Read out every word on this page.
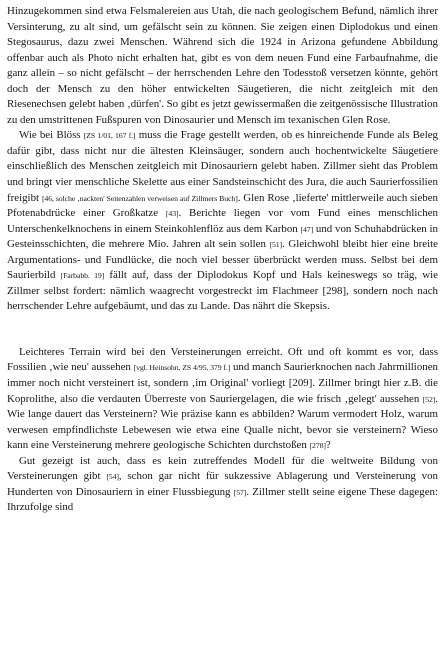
Hinzugekommen sind etwa Felsmalereien aus Utah, die nach geologischem Befund, nämlich ihrer Versinterung, zu alt sind, um gefälscht sein zu können. Sie zeigen einen Diplodokus und einen Stegosaurus, dazu zwei Menschen. Während sich die 1924 in Arizona gefundene Abbildung offenbar auch als Photo nicht erhalten hat, gibt es von dem neuen Fund eine Farbaufnahme, die ganz allein – so nicht gefälscht – der herrschenden Lehre den Todesstoß versetzen könnte, gehört doch der Mensch zu den höher entwickelten Säugetieren, die nicht zeitgleich mit den Riesenechsen gelebt haben ‚dürfen'. So gibt es jetzt gewissermaßen die zeitgenössische Illustration zu den umstrittenen Fußspuren von Dinosaurier und Mensch im texanischen Glen Rose.

Wie bei Blöss [ZS 1/01, 167 f.] muss die Frage gestellt werden, ob es hinreichende Funde als Beleg dafür gibt, dass nicht nur die ältesten Kleinsäuger, sondern auch hochentwickelte Säugetiere einschließlich des Menschen zeitgleich mit Dinosauriern gelebt haben. Zillmer sieht das Problem und bringt vier menschliche Skelette aus einer Sandsteinschicht des Jura, die auch Saurierfossilien freigibt [46, solche ‚nackten' Seitenzahlen verweisen auf Zillmers Buch]. Glen Rose ‚lieferte' mittlerweile auch sieben Pfotenabdrücke einer Großkatze [43]. Berichte liegen vor vom Fund eines menschlichen Unterschenkelknochens in einem Steinkohlenflöz aus dem Karbon [47] und von Schuhabdrücken in Gesteinsschichten, die mehrere Mio. Jahren alt sein sollen [51]. Gleichwohl bleibt hier eine breite Argumentations- und Fundlücke, die noch viel besser überbrückt werden muss. Selbst bei dem Saurierbild [Farbabb. 19] fällt auf, dass der Diplodokus Kopf und Hals keineswegs so träg, wie Zillmer selbst fordert: nämlich waagrecht vorgestreckt im Flachmeer [298], sondern noch nach herrschender Lehre aufgebäumt, und das zu Lande. Das nährt die Skepsis.

Leichteres Terrain wird bei den Versteinerungen erreicht. Oft und oft kommt es vor, dass Fossilien ‚wie neu' aussehen [vgl. Heinsohn, ZS 4/95, 379 f.] und manch Saurierknochen nach Jahrmillionen immer noch nicht versteinert ist, sondern ‚im Original' vorliegt [209]. Zillmer bringt hier z.B. die Koprolithe, also die verdauten Überreste von Sauriergelagen, die wie frisch ‚gelegt' aussehen [52]. Wie lange dauert das Versteinern? Wie präzise kann es abbilden? Warum vermodert Holz, warum verwesen empfindlichste Lebewesen wie etwa eine Qualle nicht, bevor sie versteinern? Wieso kann eine Versteinerung mehrere geologische Schichten durchstoßen [278]?

Gut gezeigt ist auch, dass es kein zutreffendes Modell für die weltweite Bildung von Versteinerungen gibt [54], schon gar nicht für sukzessive Ablagerung und Versteinerung von Hunderten von Dinosauriern in einer Flussbiegung [57]. Zillmer stellt seine eigene These dagegen: Ihrzufolge sind
